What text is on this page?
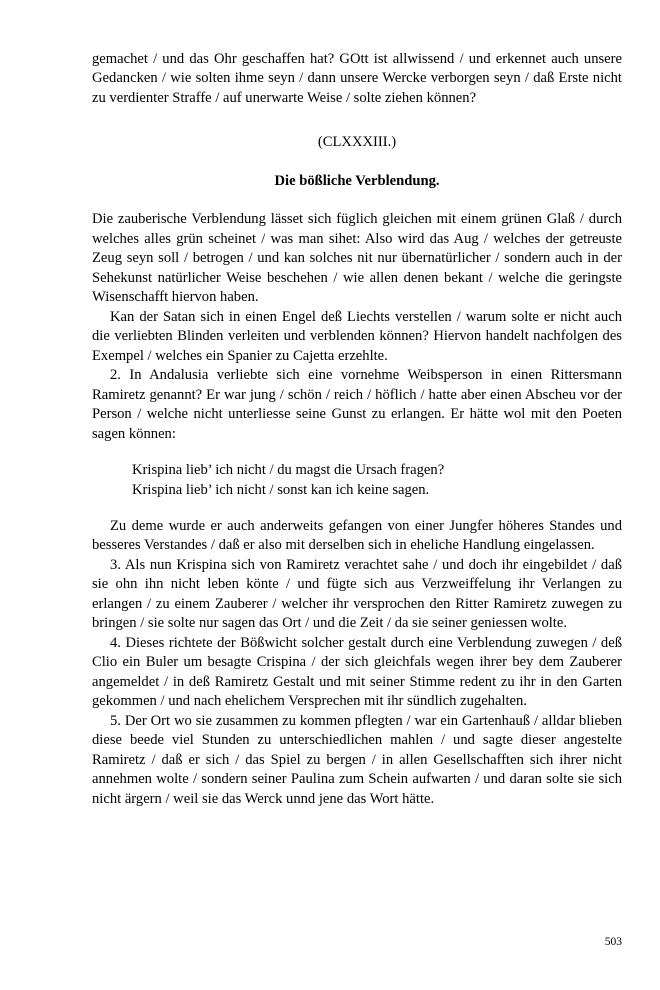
gemachet / und das Ohr geschaffen hat? GOtt ist allwissend / und erkennet auch unsere Gedancken / wie solten ihme seyn / dann unsere Wercke verborgen seyn / daß Erste nicht zu verdienter Straffe / auf unerwarte Weise / solte ziehen können?

(CLXXXIII.)
Die bößliche Verblendung.

Die zauberische Verblendung lässet sich füglich gleichen mit einem grünen Glaß / durch welches alles grün scheinet / was man sihet: Also wird das Aug / welches der getreuste Zeug seyn soll / betrogen / und kan solches nit nur übernatürlicher / sondern auch in der Sehekunst natürlicher Weise beschehen / wie allen denen bekant / welche die geringste Wisenschafft hiervon haben.

Kan der Satan sich in einen Engel deß Liechts verstellen / warum solte er nicht auch die verliebten Blinden verleiten und verblenden können? Hiervon handelt nachfolgen des Exempel / welches ein Spanier zu Cajetta erzehlte.

2. In Andalusia verliebte sich eine vornehme Weibsperson in einen Rittersmann Ramiretz genannt? Er war jung / schön / reich / höflich / hatte aber einen Abscheu vor der Person / welche nicht unterliesse seine Gunst zu erlangen. Er hätte wol mit den Poeten sagen können:

Krispina lieb’ ich nicht / du magst die Ursach fragen?
Krispina lieb’ ich nicht / sonst kan ich keine sagen.

Zu deme wurde er auch anderweits gefangen von einer Jungfer höheres Standes und besseres Verstandes / daß er also mit derselben sich in eheliche Handlung eingelassen.

3. Als nun Krispina sich von Ramiretz verachtet sahe / und doch ihr eingebildet / daß sie ohn ihn nicht leben könte / und fügte sich aus Verzweiffelung ihr Verlangen zu erlangen / zu einem Zauberer / welcher ihr versprochen den Ritter Ramiretz zuwegen zu bringen / sie solte nur sagen das Ort / und die Zeit / da sie seiner geniessen wolte.

4. Dieses richtete der Bößwicht solcher gestalt durch eine Verblendung zuwegen / deß Clio ein Buler um besagte Crispina / der sich gleichfals wegen ihrer bey dem Zauberer angemeldet / in deß Ramiretz Gestalt und mit seiner Stimme redent zu ihr in den Garten gekommen / und nach ehelichem Versprechen mit ihr sündlich zugehalten.

5. Der Ort wo sie zusammen zu kommen pflegten / war ein Gartenhauß / alldar blieben diese beede viel Stunden zu unterschiedlichen mahlen / und sagte dieser angestelte Ramiretz / daß er sich / das Spiel zu bergen / in allen Gesellschafften sich ihrer nicht annehmen wolte / sondern seiner Paulina zum Schein aufwarten / und daran solte sie sich nicht ärgern / weil sie das Werck unnd jene das Wort hätte.

503
